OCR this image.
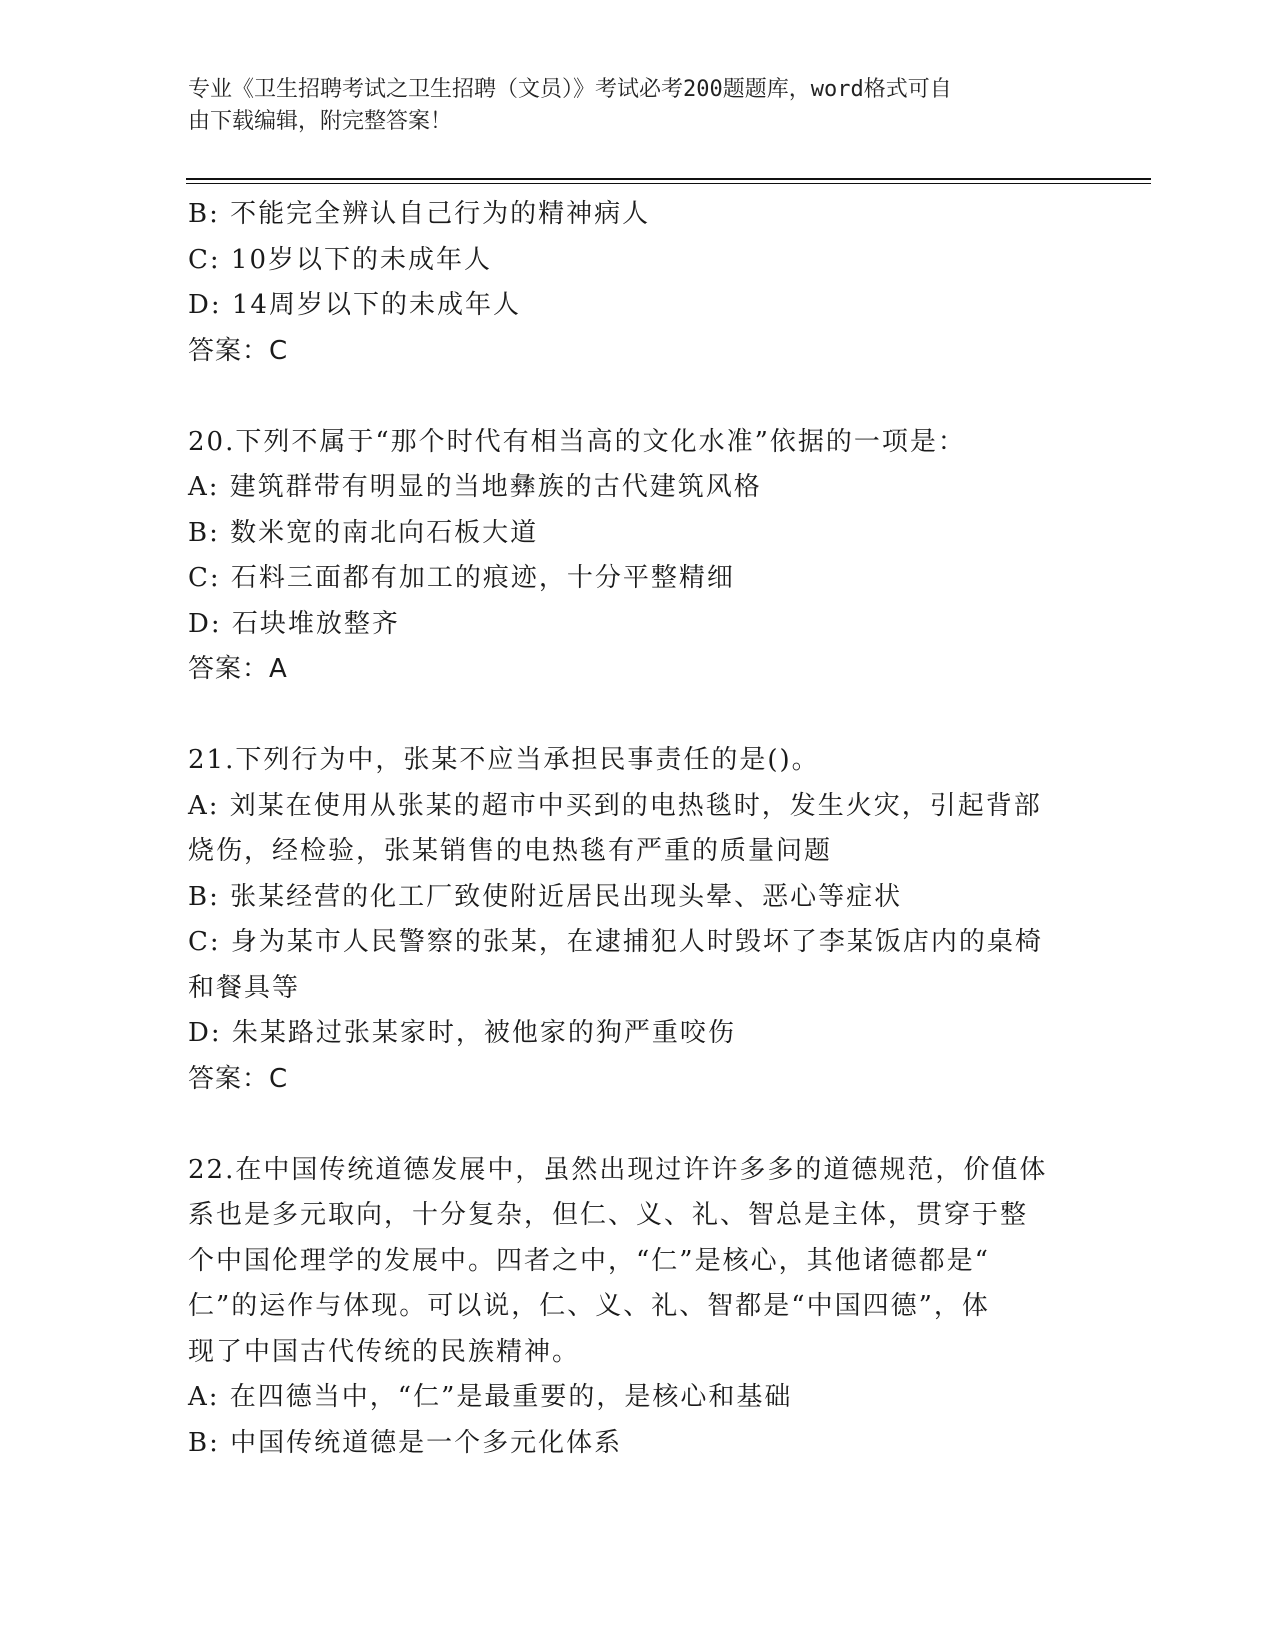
专业《卫生招聘考试之卫生招聘（文员）》考试必考200题题库，word格式可自
由下载编辑，附完整答案！
B: 不能完全辨认自己行为的精神病人
C: 10岁以下的未成年人
D: 14周岁以下的未成年人
答案：C
20.下列不属于“那个时代有相当高的文化水准”依据的一项是：
A: 建筑群带有明显的当地彝族的古代建筑风格
B: 数米宽的南北向石板大道
C: 石料三面都有加工的痕迹，十分平整精细
D: 石块堆放整齐
答案：A
21.下列行为中，张某不应当承担民事责任的是()。
A: 刘某在使用从张某的超市中买到的电热毯时，发生火灾，引起背部
烧伤，经检验，张某销售的电热毯有严重的质量问题
B: 张某经营的化工厂致使附近居民出现头晕、恶心等症状
C: 身为某市人民警察的张某，在逮捕犯人时毁坏了李某饭店内的桌椅
和餐具等
D: 朱某路过张某家时，被他家的狗严重咬伤
答案：C
22.在中国传统道德发展中，虽然出现过许许多多的道德规范，价值体
系也是多元取向，十分复杂，但仁、义、礼、智总是主体，贯穿于整
个中国伦理学的发展中。四者之中，“仁”是核心，其他诸德都是“
仁”的运作与体现。可以说，仁、义、礼、智都是“中国四德”，体
现了中国古代传统的民族精神。
A: 在四德当中，“仁”是最重要的，是核心和基础
B: 中国传统道德是一个多元化体系
